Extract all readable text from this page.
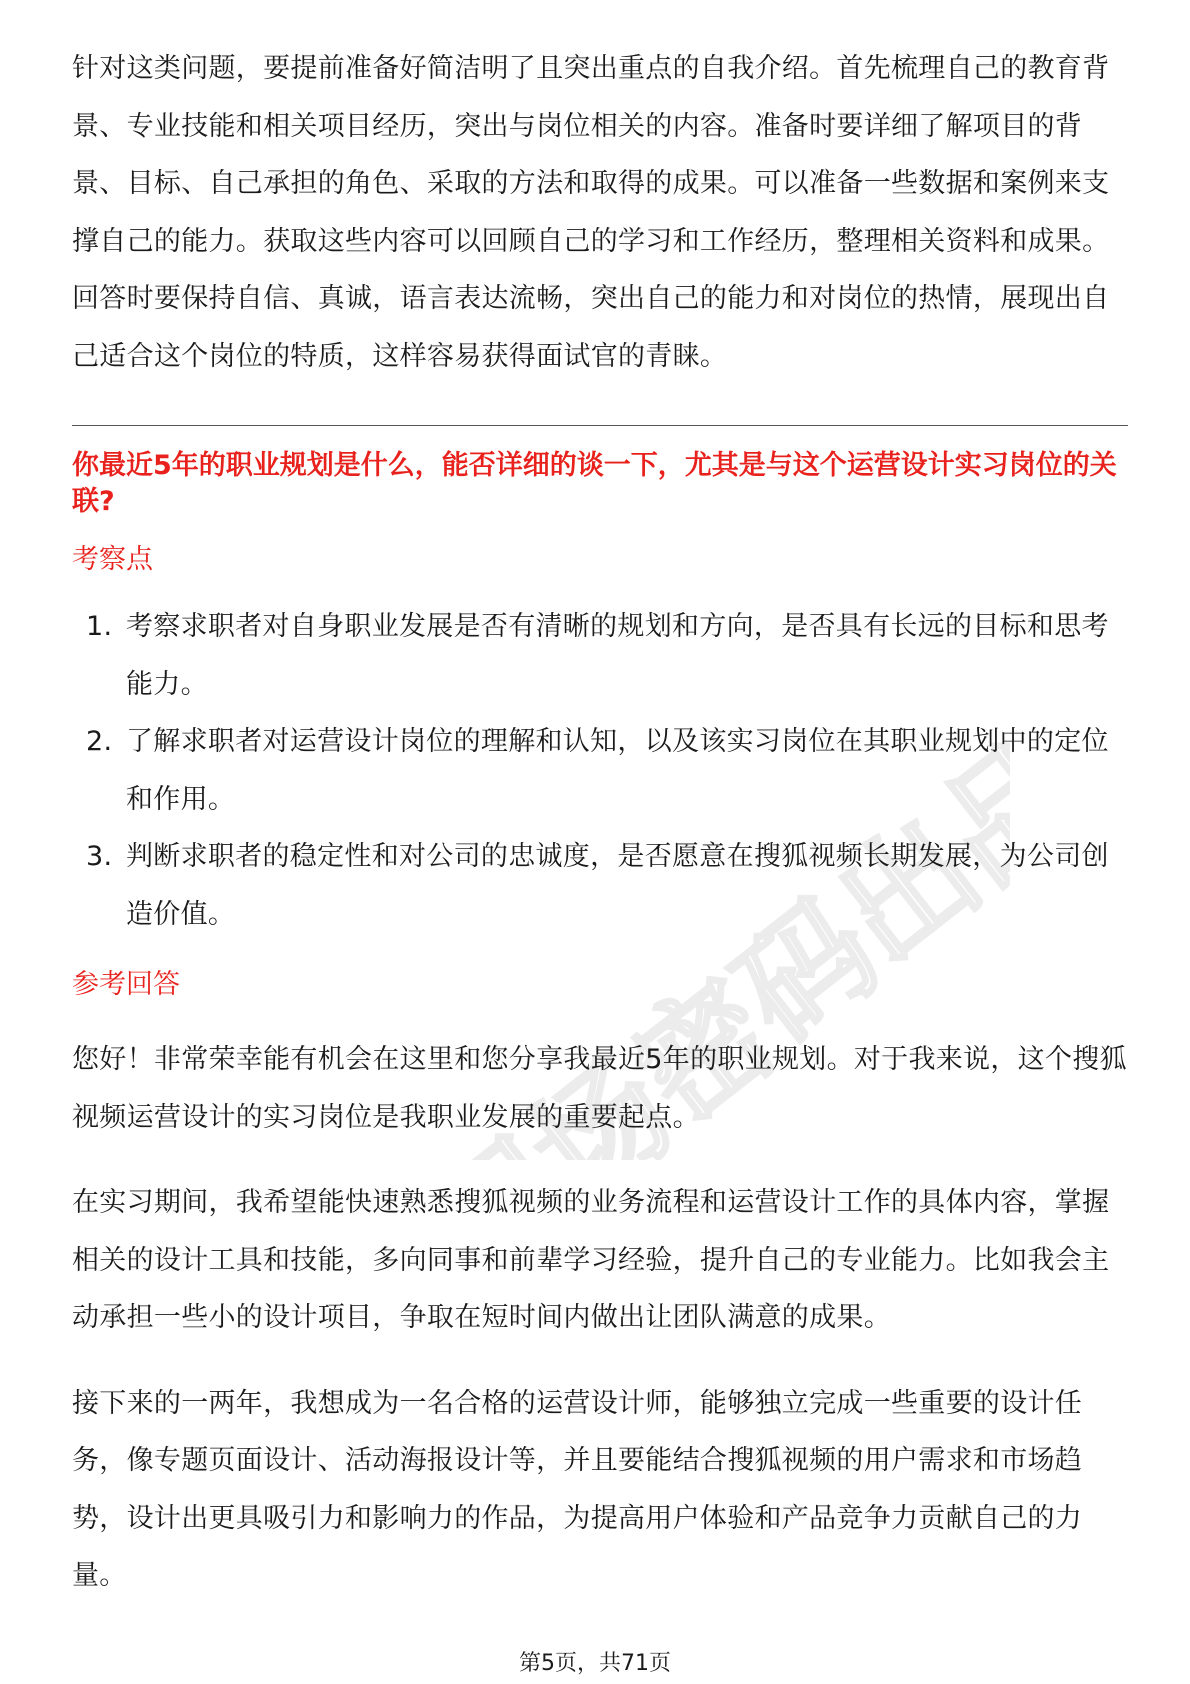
职场密码出品

针对这类问题，要提前准备好简洁明了且突出重点的自我介绍。首先梳理自己的教育背景、专业技能和相关项目经历，突出与岗位相关的内容。准备时要详细了解项目的背景、目标、自己承担的角色、采取的方法和取得的成果。可以准备一些数据和案例来支撑自己的能力。获取这些内容可以回顾自己的学习和工作经历，整理相关资料和成果。回答时要保持自信、真诚，语言表达流畅，突出自己的能力和对岗位的热情，展现出自己适合这个岗位的特质，这样容易获得面试官的青睐。

你最近5年的职业规划是什么，能否详细的谈一下，尤其是与这个运营设计实习岗位的关联?

考察点

1. 考察求职者对自身职业发展是否有清晰的规划和方向，是否具有长远的目标和思考能力。
2. 了解求职者对运营设计岗位的理解和认知，以及该实习岗位在其职业规划中的定位和作用。
3. 判断求职者的稳定性和对公司的忠诚度，是否愿意在搜狐视频长期发展，为公司创造价值。

参考回答

您好！非常荣幸能有机会在这里和您分享我最近5年的职业规划。对于我来说，这个搜狐视频运营设计的实习岗位是我职业发展的重要起点。

在实习期间，我希望能快速熟悉搜狐视频的业务流程和运营设计工作的具体内容，掌握相关的设计工具和技能，多向同事和前辈学习经验，提升自己的专业能力。比如我会主动承担一些小的设计项目，争取在短时间内做出让团队满意的成果。

接下来的一两年，我想成为一名合格的运营设计师，能够独立完成一些重要的设计任务，像专题页面设计、活动海报设计等，并且要能结合搜狐视频的用户需求和市场趋势，设计出更具吸引力和影响力的作品，为提高用户体验和产品竞争力贡献自己的力量。

第5页，共71页
